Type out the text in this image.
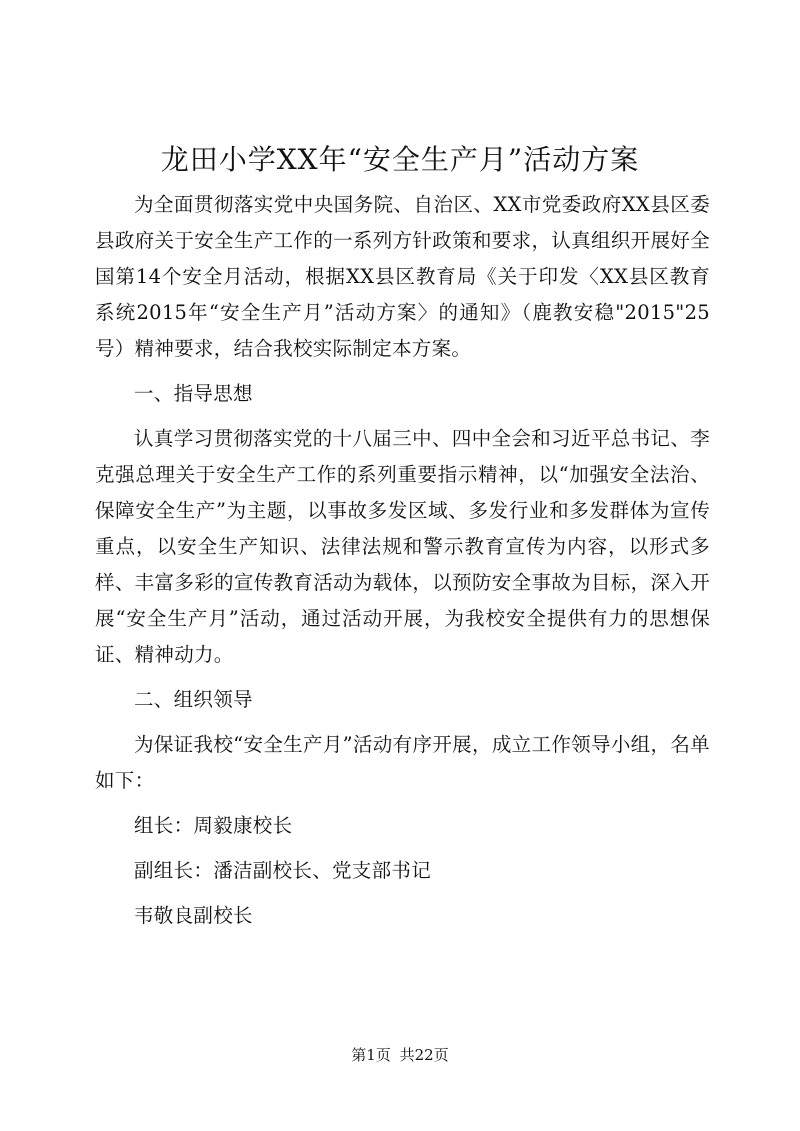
龙田小学XX年“安全生产月”活动方案

为全面贯彻落实党中央国务院、自治区、XX市党委政府XX县区委县政府关于安全生产工作的一系列方针政策和要求，认真组织开展好全国第14个安全月活动，根据XX县区教育局《关于印发〈XX县区教育系统2015年“安全生产月”活动方案〉的通知》（鹿教安稳"2015"25号）精神要求，结合我校实际制定本方案。

一、指导思想

认真学习贯彻落实党的十八届三中、四中全会和习近平总书记、李克强总理关于安全生产工作的系列重要指示精神，以“加强安全法治、保障安全生产”为主题，以事故多发区域、多发行业和多发群体为宣传重点，以安全生产知识、法律法规和警示教育宣传为内容，以形式多样、丰富多彩的宣传教育活动为载体，以预防安全事故为目标，深入开展“安全生产月”活动，通过活动开展，为我校安全提供有力的思想保证、精神动力。

二、组织领导

为保证我校“安全生产月”活动有序开展，成立工作领导小组，名单如下：

组长：周毅康校长

副组长：潘洁副校长、党支部书记

韦敬良副校长

第1页 共22页
